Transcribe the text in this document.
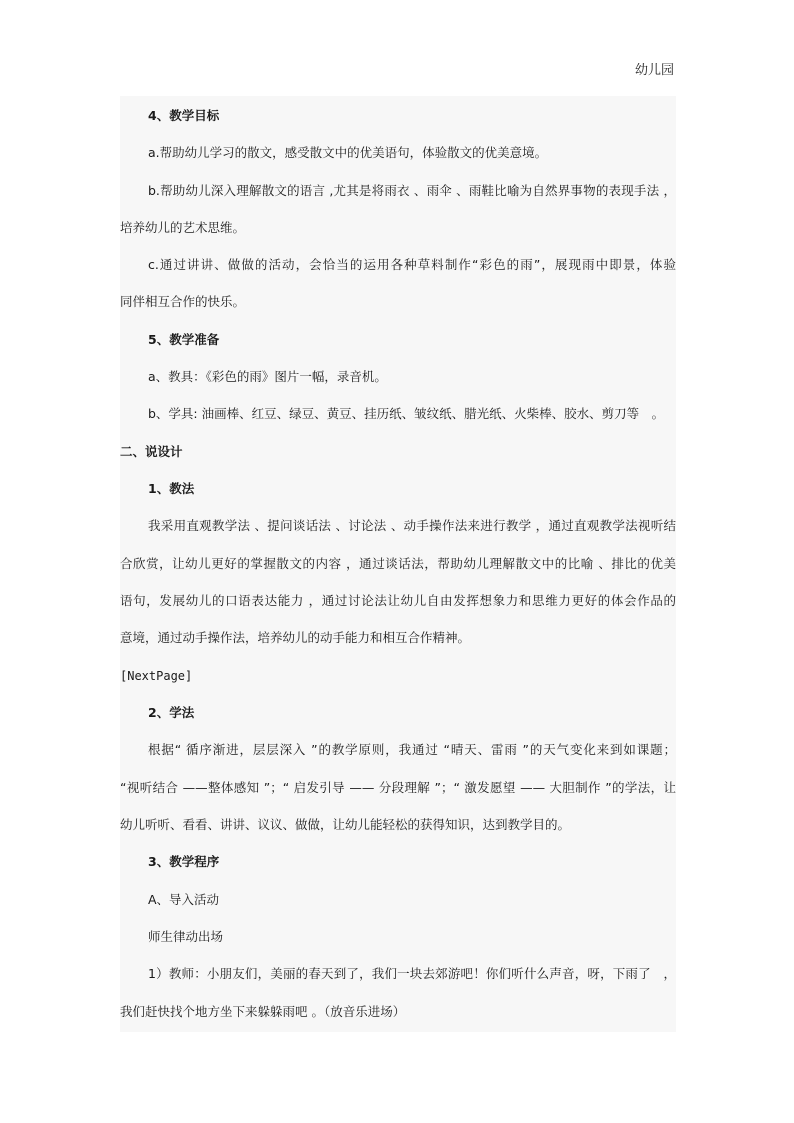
幼儿园
4、教学目标
a.帮助幼儿学习的散文，感受散文中的优美语句，体验散文的优美意境。
b.帮助幼儿深入理解散文的语言 ,尤其是将雨衣 、雨伞 、雨鞋比喻为自然界事物的表现手法 ，
培养幼儿的艺术思维。
c.通过讲讲、做做的活动，会恰当的运用各种草料制作“彩色的雨”，展现雨中即景，体验
同伴相互合作的快乐。
5、教学准备
a、教具：《彩色的雨》图片一幅，录音机。
b、学具: 油画棒、红豆、绿豆、黄豆、挂历纸、皱纹纸、腊光纸、火柴棒、胶水、剪刀等　。
二、说设计
1、教法
我采用直观教学法 、提问谈话法 、讨论法 、动手操作法来进行教学 ，通过直观教学法视听结
合欣赏，让幼儿更好的掌握散文的内容 ，通过谈话法，帮助幼儿理解散文中的比喻 、排比的优美
语句，发展幼儿的口语表达能力 ，通过讨论法让幼儿自由发挥想象力和思维力更好的体会作品的
意境，通过动手操作法，培养幼儿的动手能力和相互合作精神。
[NextPage]
2、学法
根据“ 循序渐进，层层深入 ”的教学原则，我通过 “晴天、雷雨 ”的天气变化来到如课题；
“视听结合 ——整体感知 ”；“ 启发引导 —— 分段理解 ”；“ 激发愿望 —— 大胆制作 ”的学法，让
幼儿听听、看看、讲讲、议议、做做，让幼儿能轻松的获得知识，达到教学目的。
3、教学程序
A、导入活动
师生律动出场
1）教师：小朋友们，美丽的春天到了，我们一块去郊游吧！你们听什么声音，呀，下雨了　，
我们赶快找个地方坐下来躲躲雨吧 。（放音乐进场）
